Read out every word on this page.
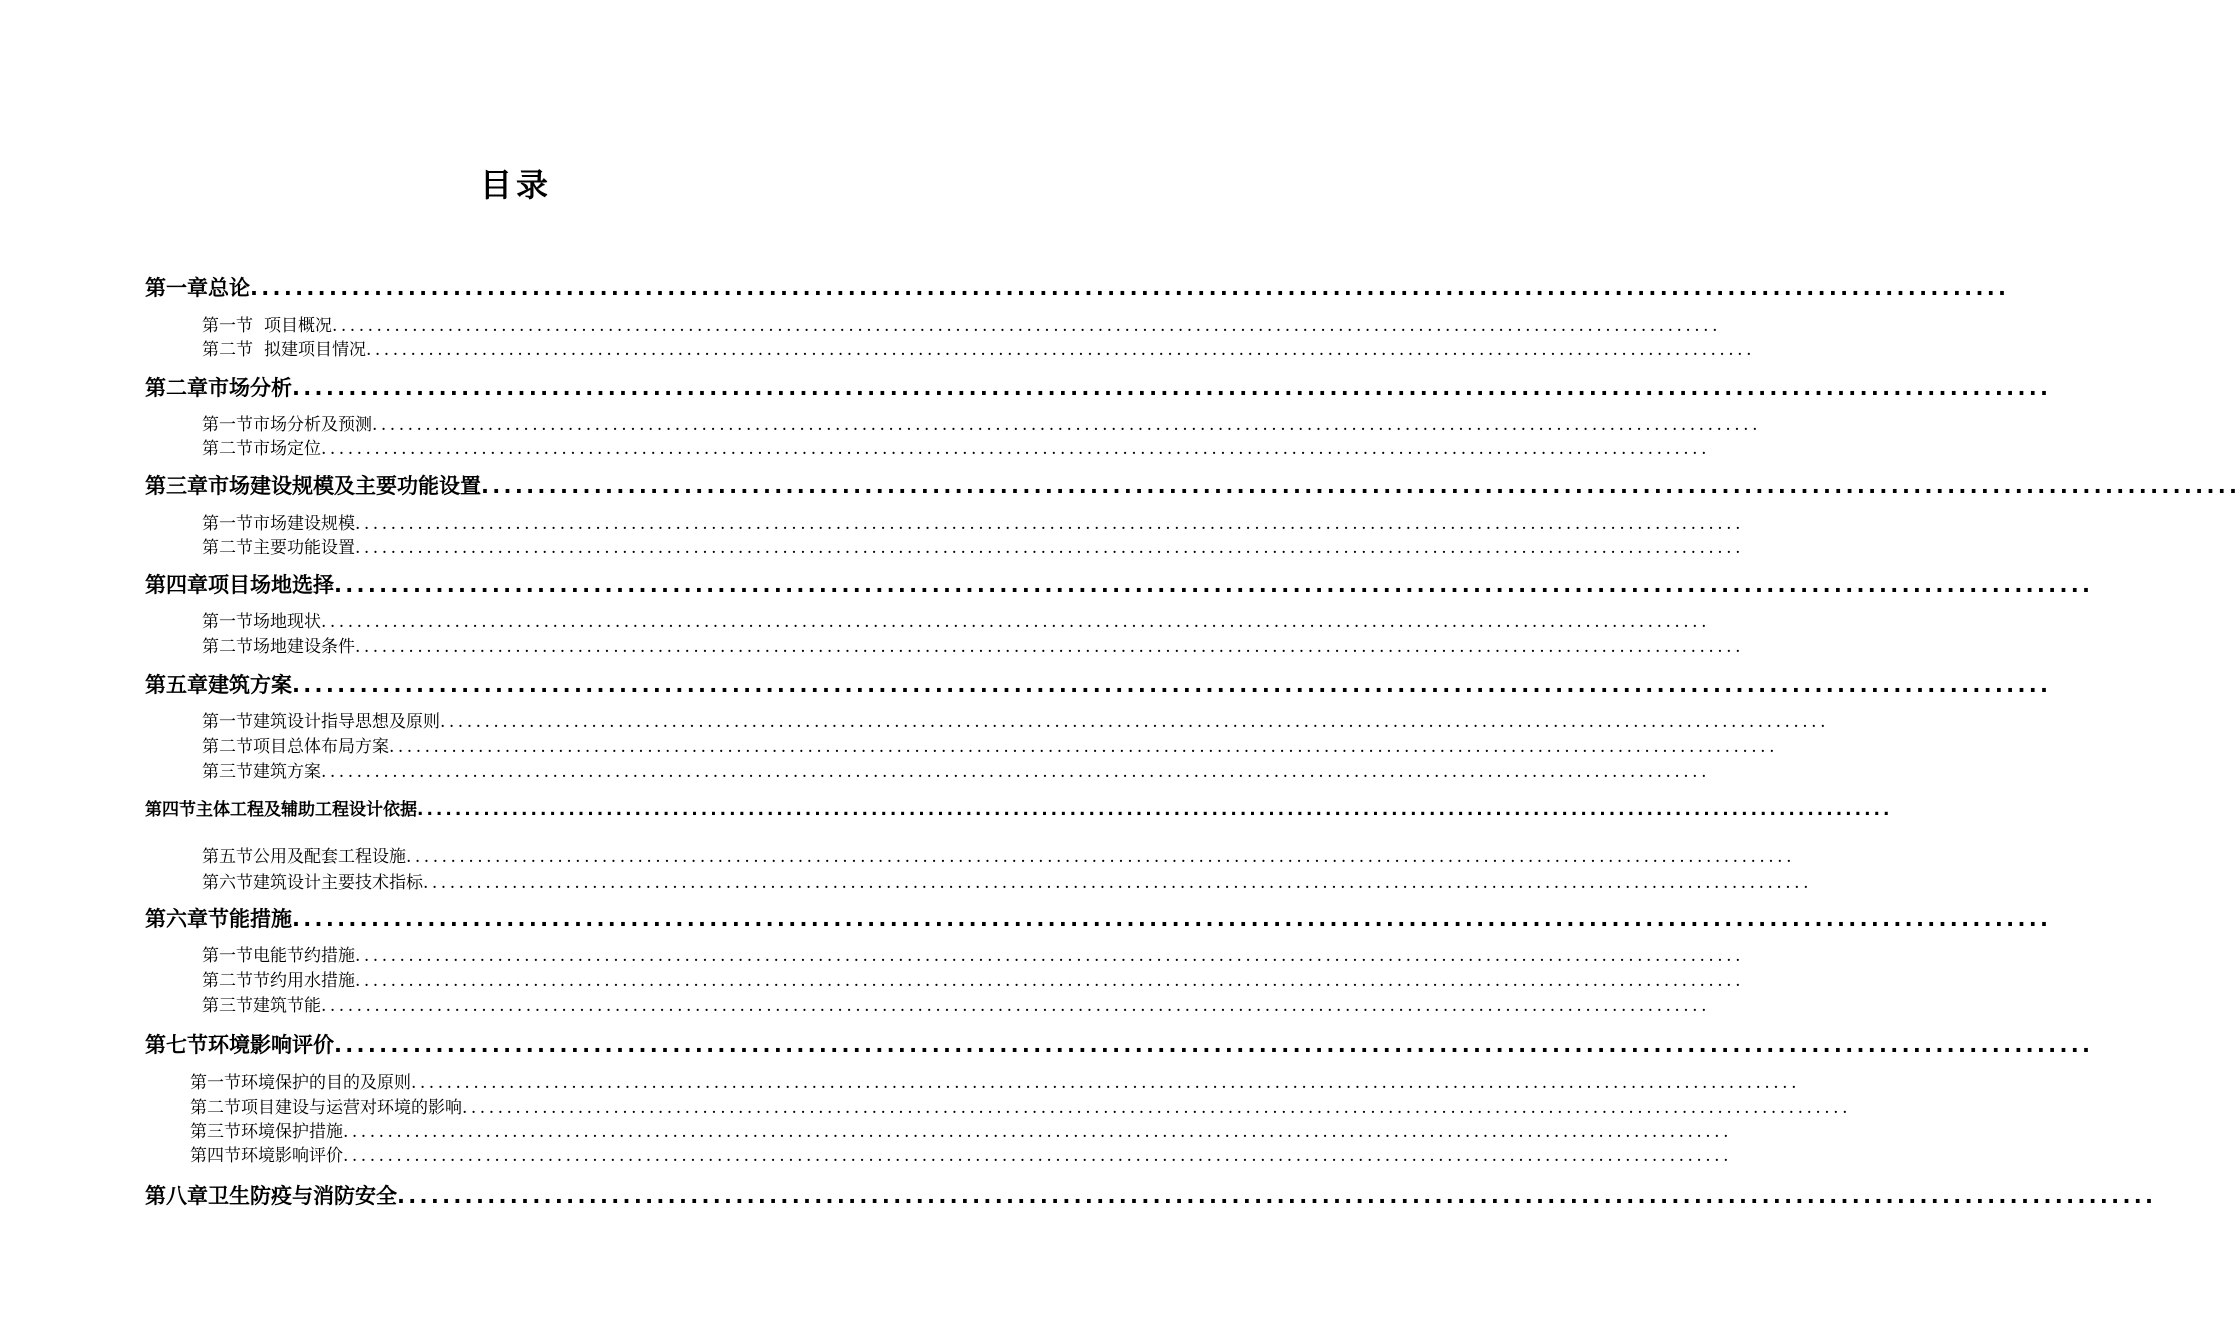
目录
第一章 总论 ............................................................................................................................................................
第一节 项目概况 ............................................................................................................................................................
第二节 拟建项目情况 ............................................................................................................................................................
第二章 市场分析 ............................................................................................................................................................
第一节 市场分析及预测 ............................................................................................................................................................
第二节 市场定位 ............................................................................................................................................................
第三章 市场建设规模及主要功能设置 ............................................................................................................................................................
第一节 市场建设规模 ............................................................................................................................................................
第二节 主要功能设置 ............................................................................................................................................................
第四章 项目场地选择 ............................................................................................................................................................
第一节 场地现状 ............................................................................................................................................................
第二节 场地建设条件 ............................................................................................................................................................
第五章 建筑方案 ............................................................................................................................................................
第一节 建筑设计指导思想及原则 ............................................................................................................................................................
第二节 项目总体布局方案 ............................................................................................................................................................
第三节 建筑方案 ............................................................................................................................................................
第四节 主体工程及辅助工程设计依据 ............................................................................................................................................................
第五节 公用及配套工程设施 ............................................................................................................................................................
第六节 建筑设计主要技术指标 ............................................................................................................................................................
第六章 节能措施 ............................................................................................................................................................
第一节 电能节约措施 ............................................................................................................................................................
第二节 节约用水措施 ............................................................................................................................................................
第三节 建筑节能 ............................................................................................................................................................
第七节 环境影响评价 ............................................................................................................................................................
第一节 环境保护的目的及原则 ............................................................................................................................................................
第二节 项目建设与运营对环境的影响 ............................................................................................................................................................
第三节 环境保护措施 ............................................................................................................................................................
第四节 环境影响评价 ............................................................................................................................................................
第八章 卫生防疫与消防安全 ............................................................................................................................................................
